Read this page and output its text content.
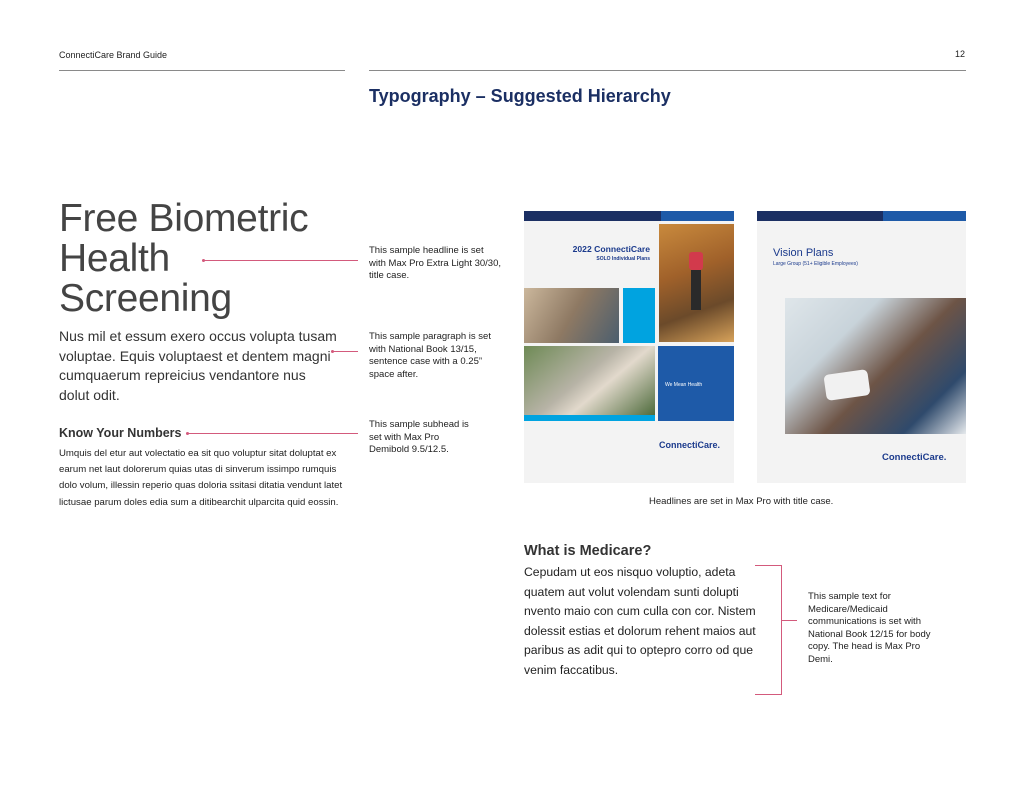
ConnectiCare Brand Guide	12
Typography – Suggested Hierarchy
Free Biometric Health Screening
Nus mil et essum exero occus volupta tusam voluptae. Equis voluptaest et dentem magni cumquaerum repreicius vendantore nus dolut odit.
Know Your Numbers
Umquis del etur aut volectatio ea sit quo voluptur sitat doluptat ex earum net laut dolorerum quias utas di sinverum issimpo rumquis dolo volum, illessin reperio quas doloria ssitasi ditatia vendunt latet lictusae parum doles edia sum a ditibearchit ulparcita quid eossin.
This sample headline is set with Max Pro Extra Light 30/30, title case.
This sample paragraph is set with National Book 13/15, sentence case with a 0.25” space after.
This sample subhead is set with Max Pro Demibold 9.5/12.5.
2022 ConnectiCare
SOLO Individual Plans
We Mean Health
ConnectiCare.
Vision Plans
Large Group (51+ Eligible Employees)
ConnectiCare.
Headlines are set in Max Pro with title case.
What is Medicare?
Cepudam ut eos nisquo voluptio, adeta quatem aut volut volendam sunti dolupti nvento maio con cum culla con cor. Nistem dolessit estias et dolorum rehent maios aut paribus as adit qui to optepro corro od que venim faccatibus.
This sample text for Medicare/Medicaid communications is set with National Book 12/15 for body copy. The head is Max Pro Demi.
